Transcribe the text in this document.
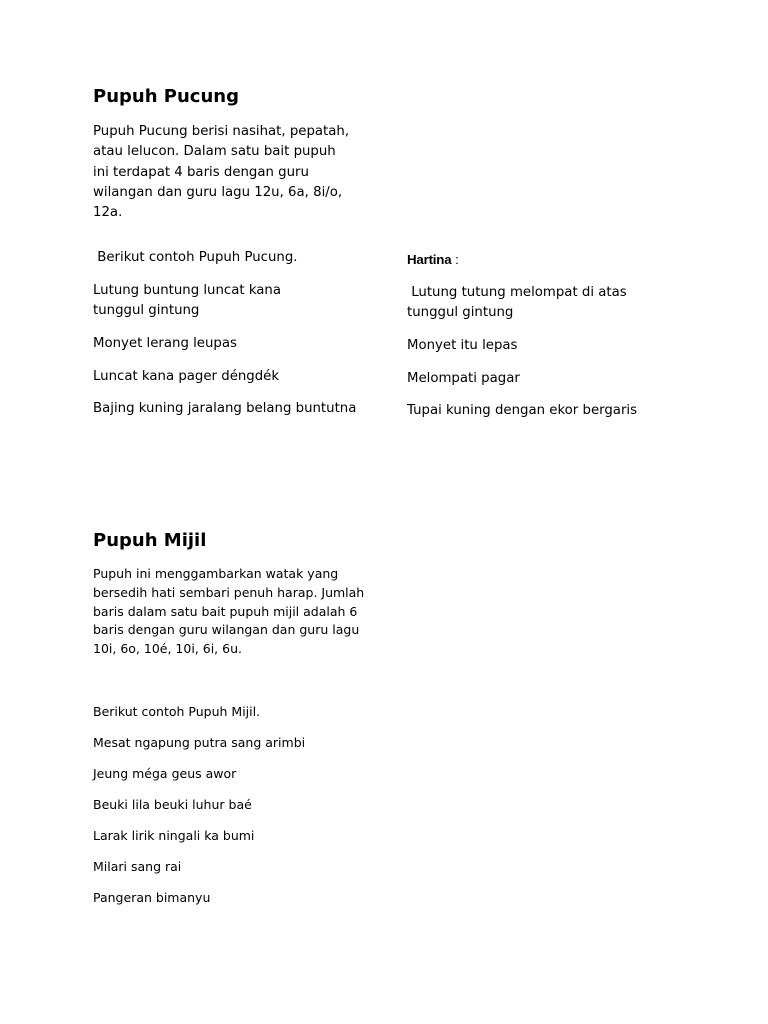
Pupuh Pucung

Pupuh Pucung berisi nasihat, pepatah, atau lelucon. Dalam satu bait pupuh ini terdapat 4 baris dengan guru wilangan dan guru lagu 12u, 6a, 8i/o, 12a.

Berikut contoh Pupuh Pucung.

Lutung buntung luncat kana tunggul gintung

Monyet lerang leupas

Luncat kana pager déngdék

Bajing kuning jaralang belang buntutna

Hartina :

Lutung tutung melompat di atas tunggul gintung

Monyet itu lepas

Melompati pagar

Tupai kuning dengan ekor bergaris

Pupuh Mijil

Pupuh ini menggambarkan watak yang bersedih hati sembari penuh harap. Jumlah baris dalam satu bait pupuh mijil adalah 6 baris dengan guru wilangan dan guru lagu 10i, 6o, 10é, 10i, 6i, 6u.

Berikut contoh Pupuh Mijil.

Mesat ngapung putra sang arimbi

Jeung méga geus awor

Beuki lila beuki luhur baé

Larak lirik ningali ka bumi

Milari sang rai

Pangeran bimanyu
